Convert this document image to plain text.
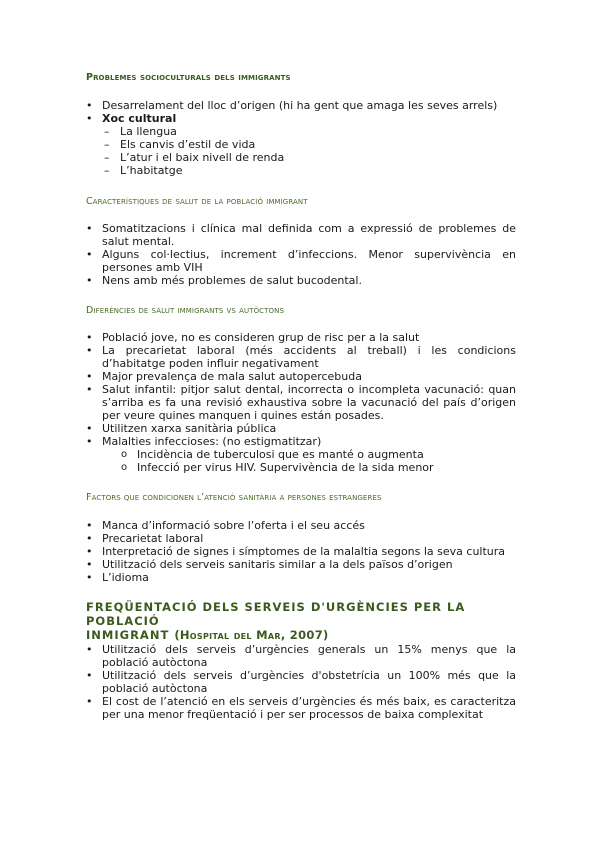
Problemes socioculturals dels immigrants
• Desarrelament del lloc d’origen (hi ha gent que amaga les seves arrels)
• Xoc cultural
– La llengua
– Els canvis d’estil de vida
– L’atur i el baix nivell de renda
– L’habitatge
Característiques de salut de la població immigrant
• Somatitzacions i clínica mal definida com a expressió de problemes de salut mental.
• Alguns col·lectius, increment d’infeccions. Menor supervivència en persones amb VIH
• Nens amb més problemes de salut bucodental.
Diferències de salut immigrants vs autòctons
• Població jove, no es consideren grup de risc per a la salut
• La precarietat laboral (més accidents al treball) i les condicions d’habitatge poden influir negativament
• Major prevalença de mala salut autopercebuda
• Salut infantil: pitjor salut dental, incorrecta o incompleta vacunació: quan s’arriba es fa una revisió exhaustiva sobre la vacunació del país d’origen per veure quines manquen i quines están posades.
• Utilitzen xarxa sanitària pública
• Malalties infeccioses: (no estigmatitzar)
o Incidència de tuberculosi que es manté o augmenta
o Infecció per virus HIV. Supervivència de la sida menor
Factors que condicionen l’atenció sanitària a persones estrangeres
• Manca d’informació sobre l’oferta i el seu accés
• Precarietat laboral
• Interpretació de signes i símptomes de la malaltia segons la seva cultura
• Utilització dels serveis sanitaris similar a la dels països d’origen
• L’idioma
FREQÜENTACIÓ DELS SERVEIS D'URGÈNCIES PER LA POBLACIÓ
INMIGRANT (Hospital del Mar, 2007)
• Utilització dels serveis d’urgències generals un 15% menys que la població autòctona
• Utilització dels serveis d’urgències d'obstetrícia un 100% més que la població autòctona
• El cost de l’atenció en els serveis d’urgències és més baix, es caracteritza per una menor freqüentació i per ser processos de baixa complexitat
